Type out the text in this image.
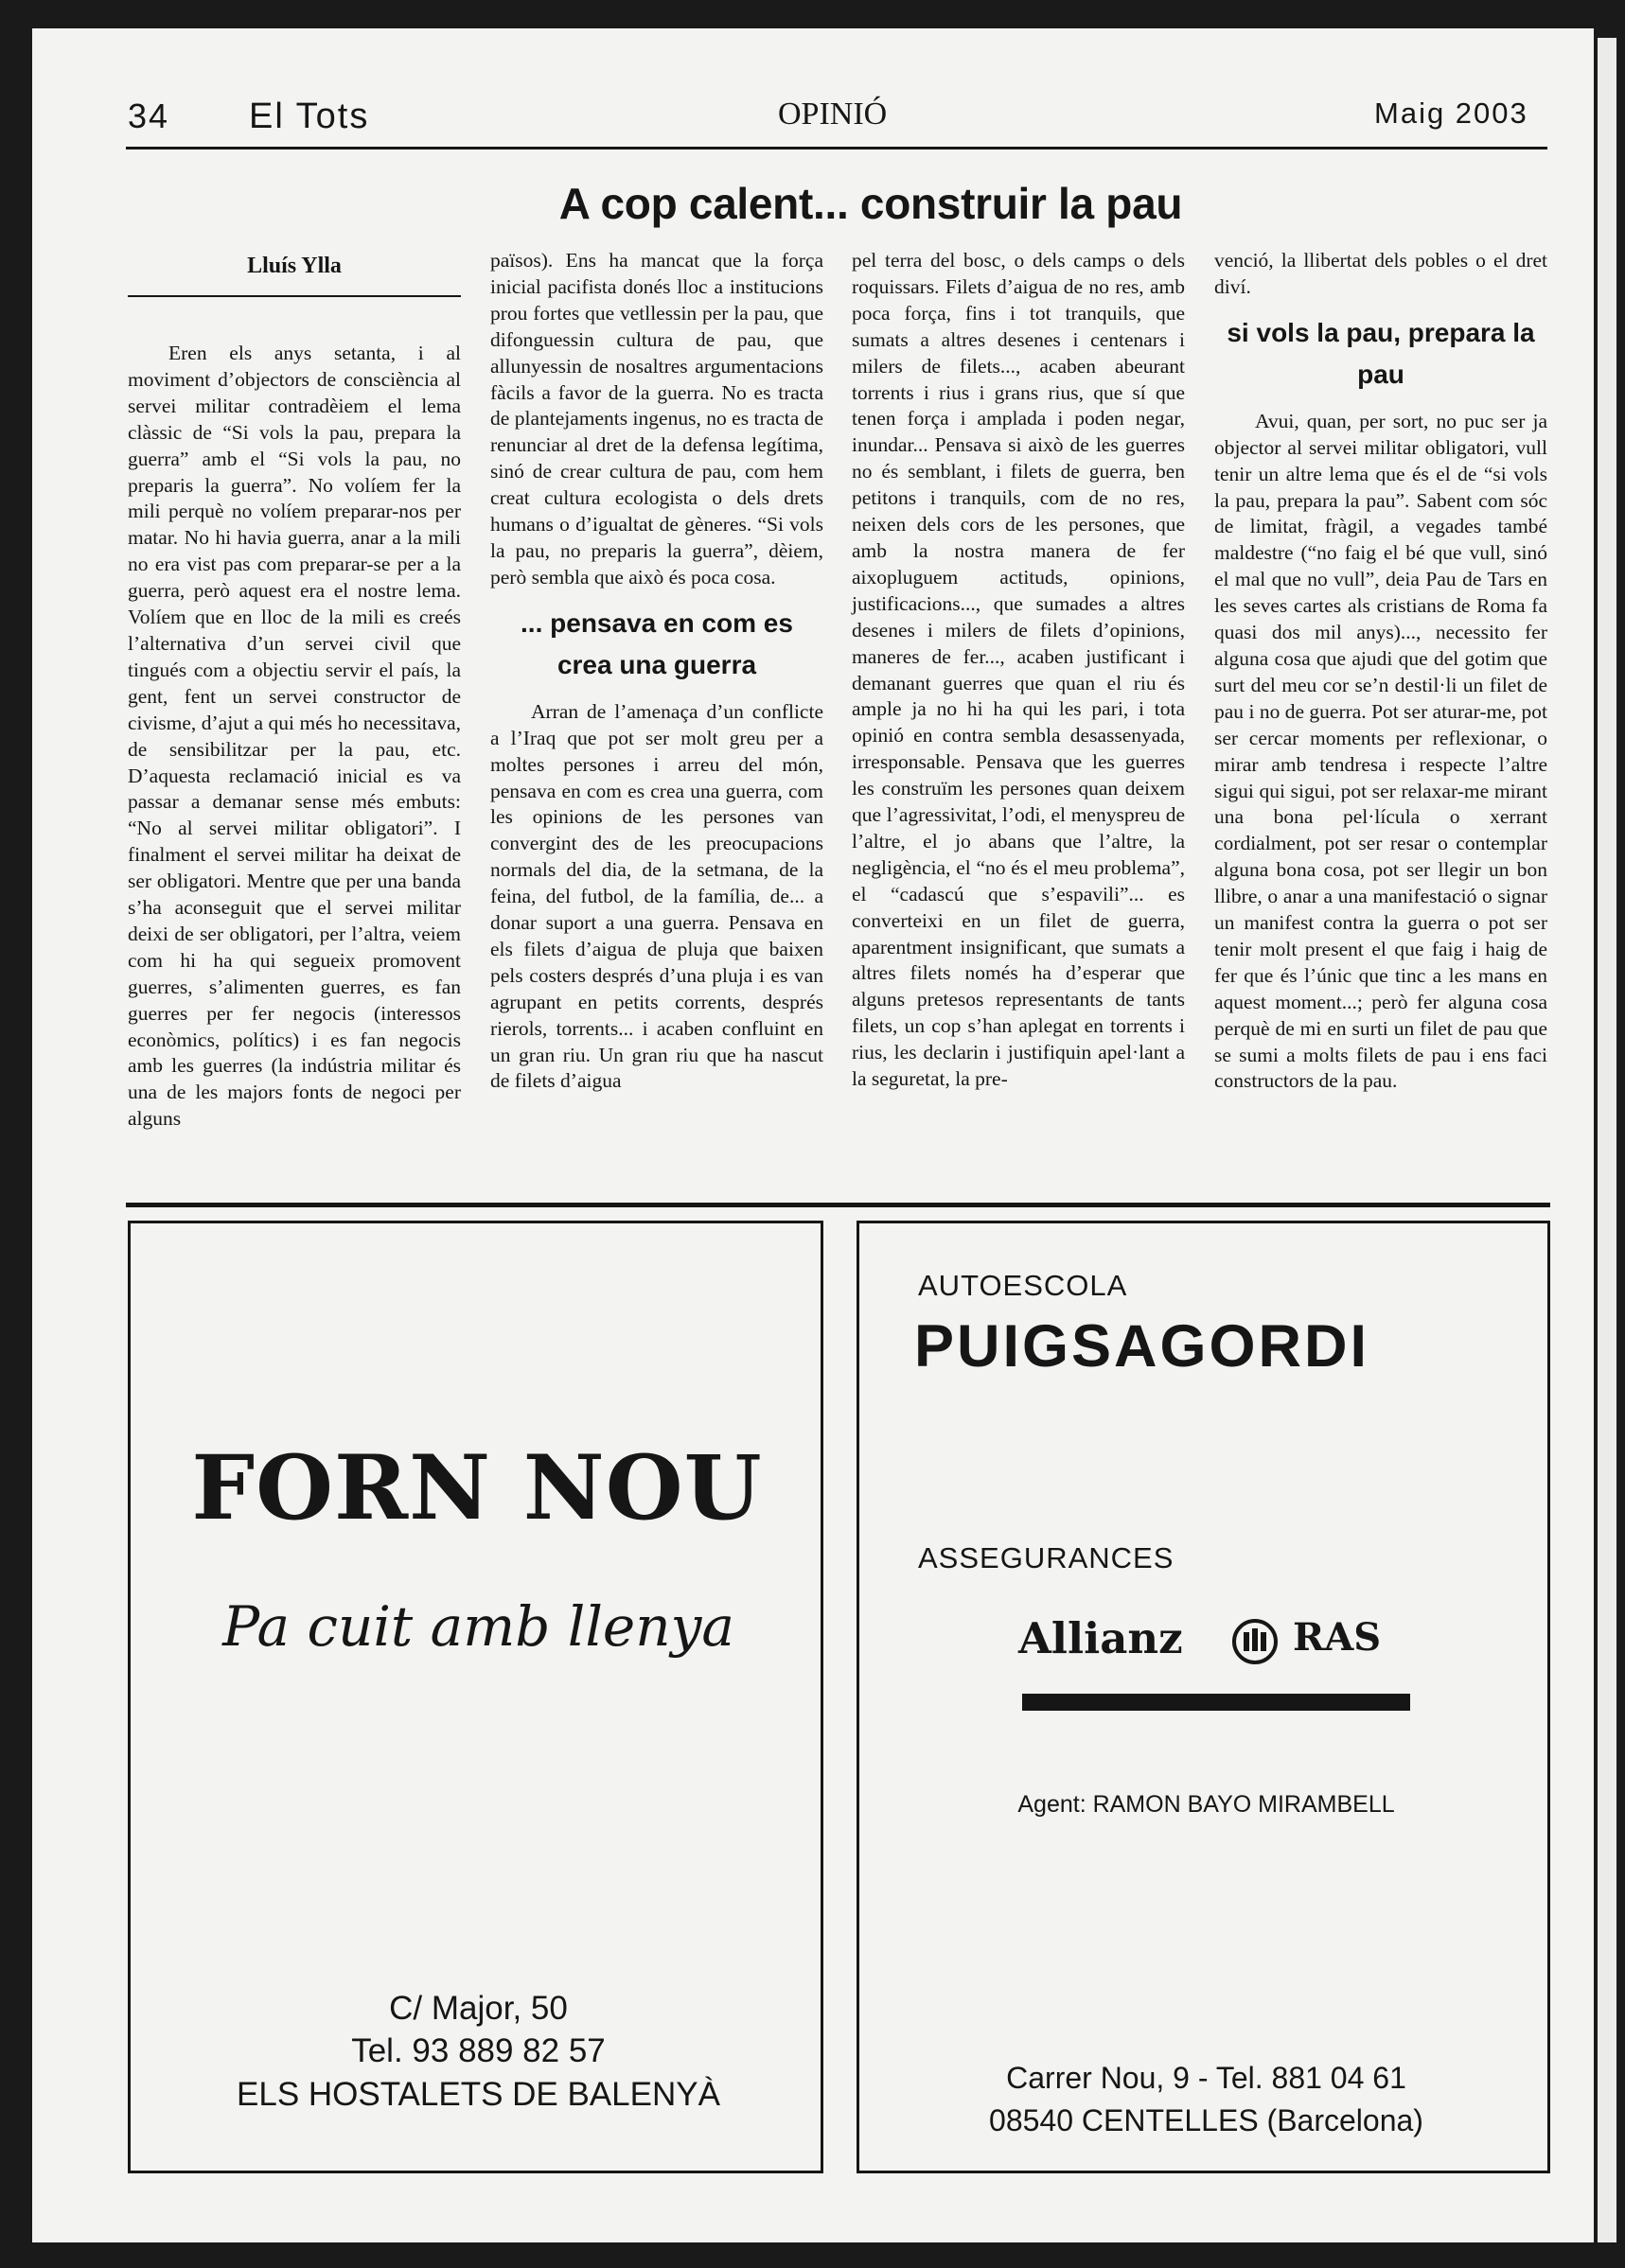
34 El Tots	OPINIÓ	Maig 2003
A cop calent... construir la pau
Lluís Ylla

Eren els anys setanta, i al moviment d’objectors de consciència al servei militar contradèiem el lema clàssic de “Si vols la pau, prepara la guerra” amb el “Si vols la pau, no preparis la guerra”. No volíem fer la mili perquè no volíem preparar-nos per matar. No hi havia guerra, anar a la mili no era vist pas com preparar-se per a la guerra, però aquest era el nostre lema. Volíem que en lloc de la mili es creés l’alternativa d’un servei civil que tingués com a objectiu servir el país, la gent, fent un servei constructor de civisme, d’ajut a qui més ho necessitava, de sensibilitzar per la pau, etc. D’aquesta reclamació inicial es va passar a demanar sense més embuts: “No al servei militar obligatori”. I finalment el servei militar ha deixat de ser obligatori. Mentre que per una banda s’ha aconseguit que el servei militar deixi de ser obligatori, per l’altra, veiem com hi ha qui segueix promovent guerres, s’alimenten guerres, es fan guerres per fer negocis (interessos econòmics, polítics) i es fan negocis amb les guerres (la indústria militar és una de les majors fonts de negoci per alguns

països). Ens ha mancat que la força inicial pacifista donés lloc a institucions prou fortes que vetllessin per la pau, que difonguessin cultura de pau, que allunyessin de nosaltres argumentacions fàcils a favor de la guerra. No es tracta de plantejaments ingenus, no es tracta de renunciar al dret de la defensa legítima, sinó de crear cultura de pau, com hem creat cultura ecologista o dels drets humans o d’igualtat de gèneres. “Si vols la pau, no preparis la guerra”, dèiem, però sembla que això és poca cosa.

... pensava en com es crea una guerra

Arran de l’amenaça d’un conflicte a l’Iraq que pot ser molt greu per a moltes persones i arreu del món, pensava en com es crea una guerra, com les opinions de les persones van convergint des de les preocupacions normals del dia, de la setmana, de la feina, del futbol, de la família, de... a donar suport a una guerra. Pensava en els filets d’aigua de pluja que baixen pels costers després d’una pluja i es van agrupant en petits corrents, després rierols, torrents... i acaben confluint en un gran riu. Un gran riu que ha nascut de filets d’aigua

pel terra del bosc, o dels camps o dels roquissars. Filets d’aigua de no res, amb poca força, fins i tot tranquils, que sumats a altres desenes i centenars i milers de filets..., acaben abeurant torrents i rius i grans rius, que sí que tenen força i amplada i poden negar, inundar... Pensava si això de les guerres no és semblant, i filets de guerra, ben petitons i tranquils, com de no res, neixen dels cors de les persones, que amb la nostra manera de fer aixopluguem actituds, opinions, justificacions..., que sumades a altres desenes i milers de filets d’opinions, maneres de fer..., acaben justificant i demanant guerres que quan el riu és ample ja no hi ha qui les pari, i tota opinió en contra sembla desassenyada, irresponsable. Pensava que les guerres les construïm les persones quan deixem que l’agressivitat, l’odi, el menyspreu de l’altre, el jo abans que l’altre, la negligència, el “no és el meu problema”, el “cadascú que s’espavili”... es converteixi en un filet de guerra, aparentment insignificant, que sumats a altres filets només ha d’esperar que alguns pretesos representants de tants filets, un cop s’han aplegat en torrents i rius, les declarin i justifiquin apel·lant a la seguretat, la pre-

venció, la llibertat dels pobles o el dret diví.

si vols la pau, prepara la pau

Avui, quan, per sort, no puc ser ja objector al servei militar obligatori, vull tenir un altre lema que és el de “si vols la pau, prepara la pau”. Sabent com sóc de limitat, fràgil, a vegades també maldestre (“no faig el bé que vull, sinó el mal que no vull”, deia Pau de Tars en les seves cartes als cristians de Roma fa quasi dos mil anys)..., necessito fer alguna cosa que ajudi que del gotim que surt del meu cor se’n destil·li un filet de pau i no de guerra. Pot ser aturar-me, pot ser cercar moments per reflexionar, o mirar amb tendresa i respecte l’altre sigui qui sigui, pot ser relaxar-me mirant una bona pel·lícula o xerrant cordialment, pot ser resar o contemplar alguna bona cosa, pot ser llegir un bon llibre, o anar a una manifestació o signar un manifest contra la guerra o pot ser tenir molt present el que faig i haig de fer que és l’únic que tinc a les mans en aquest moment...; però fer alguna cosa perquè de mi en surti un filet de pau que se sumi a molts filets de pau i ens faci constructors de la pau.

FORN NOU
Pa cuit amb llenya
C/ Major, 50
Tel. 93 889 82 57
ELS HOSTALETS DE BALENYÀ
AUTOESCOLA
PUIGSAGORDI
ASSEGURANCES
Allianz	RAS
Agent: RAMON BAYO MIRAMBELL
Carrer Nou, 9 - Tel. 881 04 61
08540 CENTELLES (Barcelona)
